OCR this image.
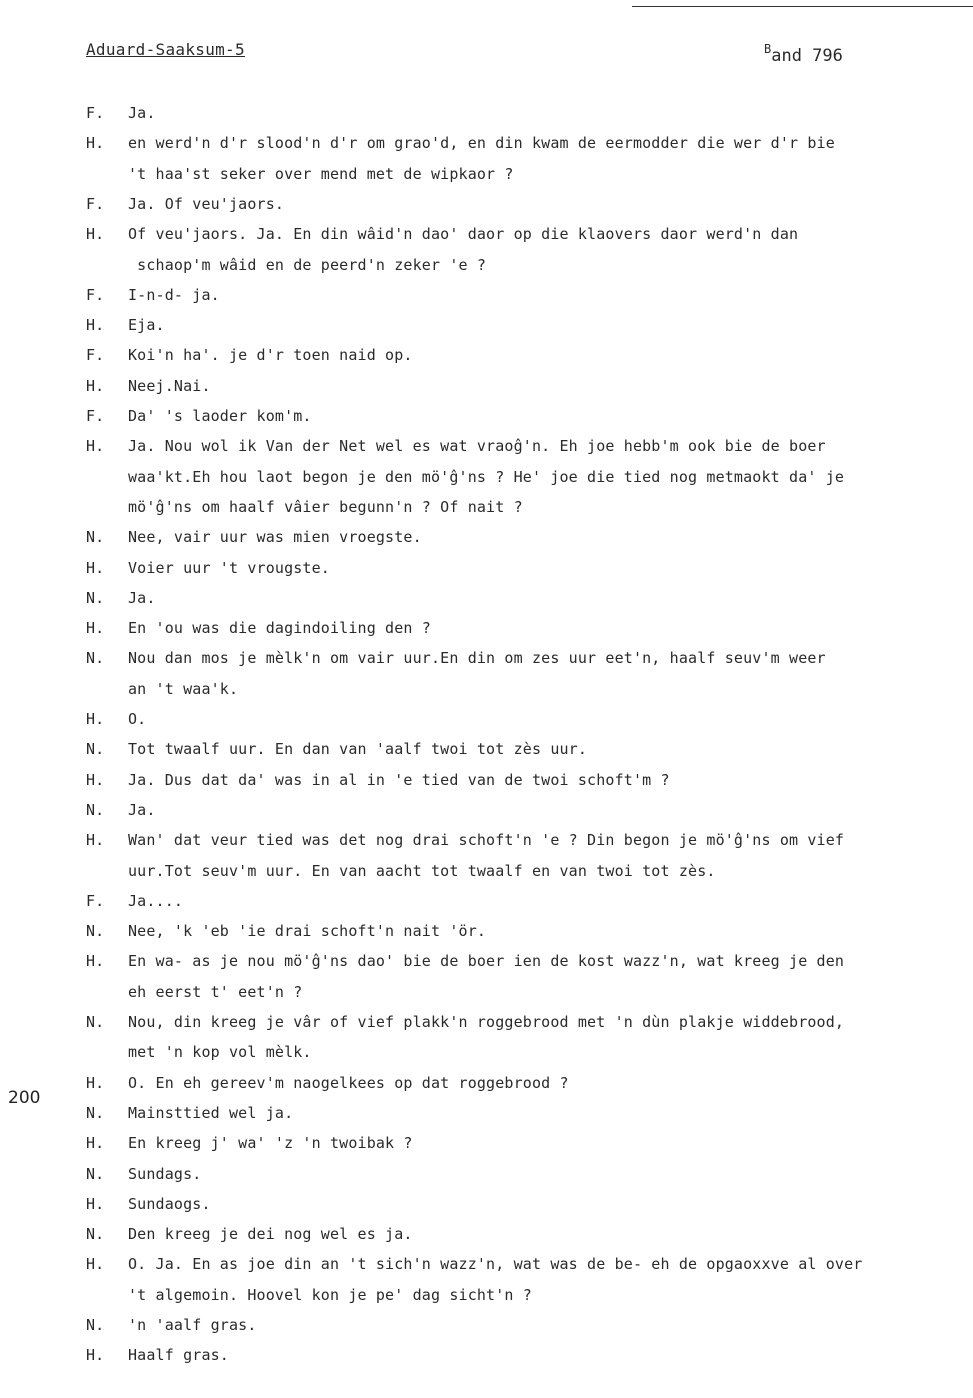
Aduard-Saaksum-5	$^B$and 796
200
F. Ja.
H. en werd'n d'r slood'n d'r om grao'd, en din kwam de eermodder die wer d'r bie
't haa'st seker over mend met de wipkaor ?
F. Ja. Of veu'jaors.
H. Of veu'jaors. Ja. En din wâid'n dao' daor op die klaovers daor werd'n dan
schaop'm wâid en de peerd'n zeker 'e ?
F. I-n-d- ja.
H. Eja.
F. Koi'n ha'. je d'r toen naid op.
H. Neej.Nai.
F. Da' 's laoder kom'm.
H. Ja. Nou wol ik Van der Net wel es wat vraoĝ'n. Eh joe hebb'm ook bie de boer
waa'kt.Eh hou laot begon je den mö'ĝ'ns ? He' joe die tied nog metmaokt da' je
mö'ĝ'ns om haalf vâier begunn'n ? Of nait ?
N. Nee, vair uur was mien vroegste.
H. Voier uur 't vrougste.
N. Ja.
H. En 'ou was die dagindoiling den ?
N. Nou dan mos je mèlk'n om vair uur.En din om zes uur eet'n, haalf seuv'm weer
an 't waa'k.
H. O.
N. Tot twaalf uur. En dan van 'aalf twoi tot zès uur.
H. Ja. Dus dat da' was in al in 'e tied van de twoi schoft'm ?
N. Ja.
H. Wan' dat veur tied was det nog drai schoft'n 'e ? Din begon je mö'ĝ'ns om vief
uur.Tot seuv'm uur. En van aacht tot twaalf en van twoi tot zès.
F. Ja....
N. Nee, 'k 'eb 'ie drai schoft'n nait 'ör.
H. En wa- as je nou mö'ĝ'ns dao' bie de boer ien de kost wazz'n, wat kreeg je den
eh eerst t' eet'n ?
N. Nou, din kreeg je vâr of vief plakk'n roggebrood met 'n dùn plakje widdebrood,
met 'n kop vol mèlk.
H. O. En eh gereev'm naogelkees op dat roggebrood ?
N. Mainsttied wel ja.
H. En kreeg j' wa' 'z 'n twoibak ?
N. Sundags.
H. Sundaogs.
N. Den kreeg je dei nog wel es ja.
H. O. Ja. En as joe din an 't sich'n wazz'n, wat was de be- eh de opgaoxxve al over
't algemoin. Hoovel kon je pe' dag sicht'n ?
N. 'n 'aalf gras.
H. Haalf gras.
